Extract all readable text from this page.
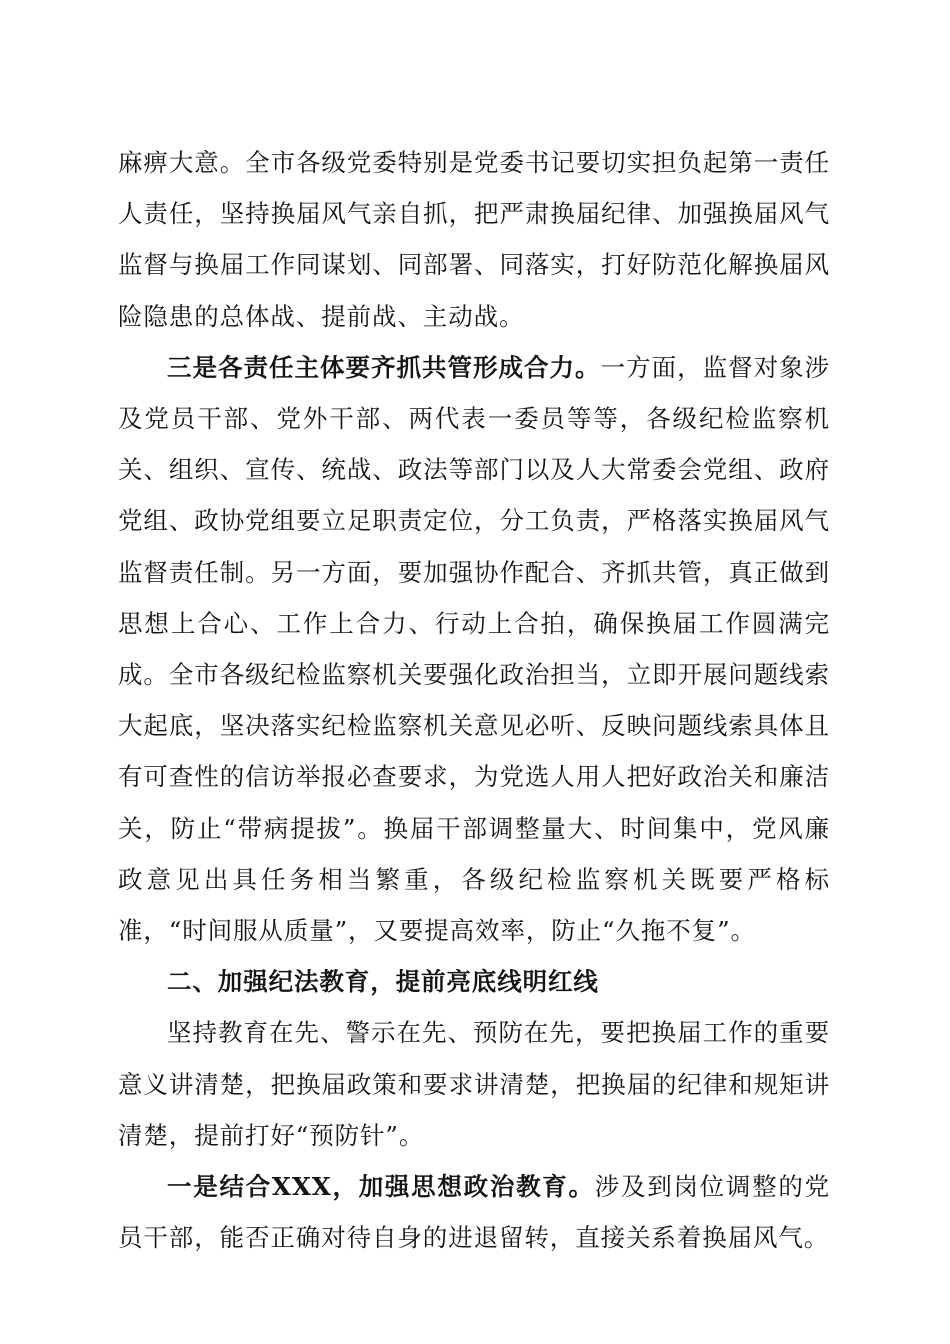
麻痹大意。全市各级党委特别是党委书记要切实担负起第一责任人责任，坚持换届风气亲自抓，把严肃换届纪律、加强换届风气监督与换届工作同谋划、同部署、同落实，打好防范化解换届风险隐患的总体战、提前战、主动战。

三是各责任主体要齐抓共管形成合力。一方面，监督对象涉及党员干部、党外干部、两代表一委员等等，各级纪检监察机关、组织、宣传、统战、政法等部门以及人大常委会党组、政府党组、政协党组要立足职责定位，分工负责，严格落实换届风气监督责任制。另一方面，要加强协作配合、齐抓共管，真正做到思想上合心、工作上合力、行动上合拍，确保换届工作圆满完成。全市各级纪检监察机关要强化政治担当，立即开展问题线索大起底，坚决落实纪检监察机关意见必听、反映问题线索具体且有可查性的信访举报必查要求，为党选人用人把好政治关和廉洁关，防止“带病提拔”。换届干部调整量大、时间集中，党风廉政意见出具任务相当繁重，各级纪检监察机关既要严格标准，“时间服从质量”，又要提高效率，防止“久拖不复”。

二、加强纪法教育，提前亮底线明红线

坚持教育在先、警示在先、预防在先，要把换届工作的重要意义讲清楚，把换届政策和要求讲清楚，把换届的纪律和规矩讲清楚，提前打好“预防针”。

一是结合XXX，加强思想政治教育。涉及到岗位调整的党员干部，能否正确对待自身的进退留转，直接关系着换届风气。
